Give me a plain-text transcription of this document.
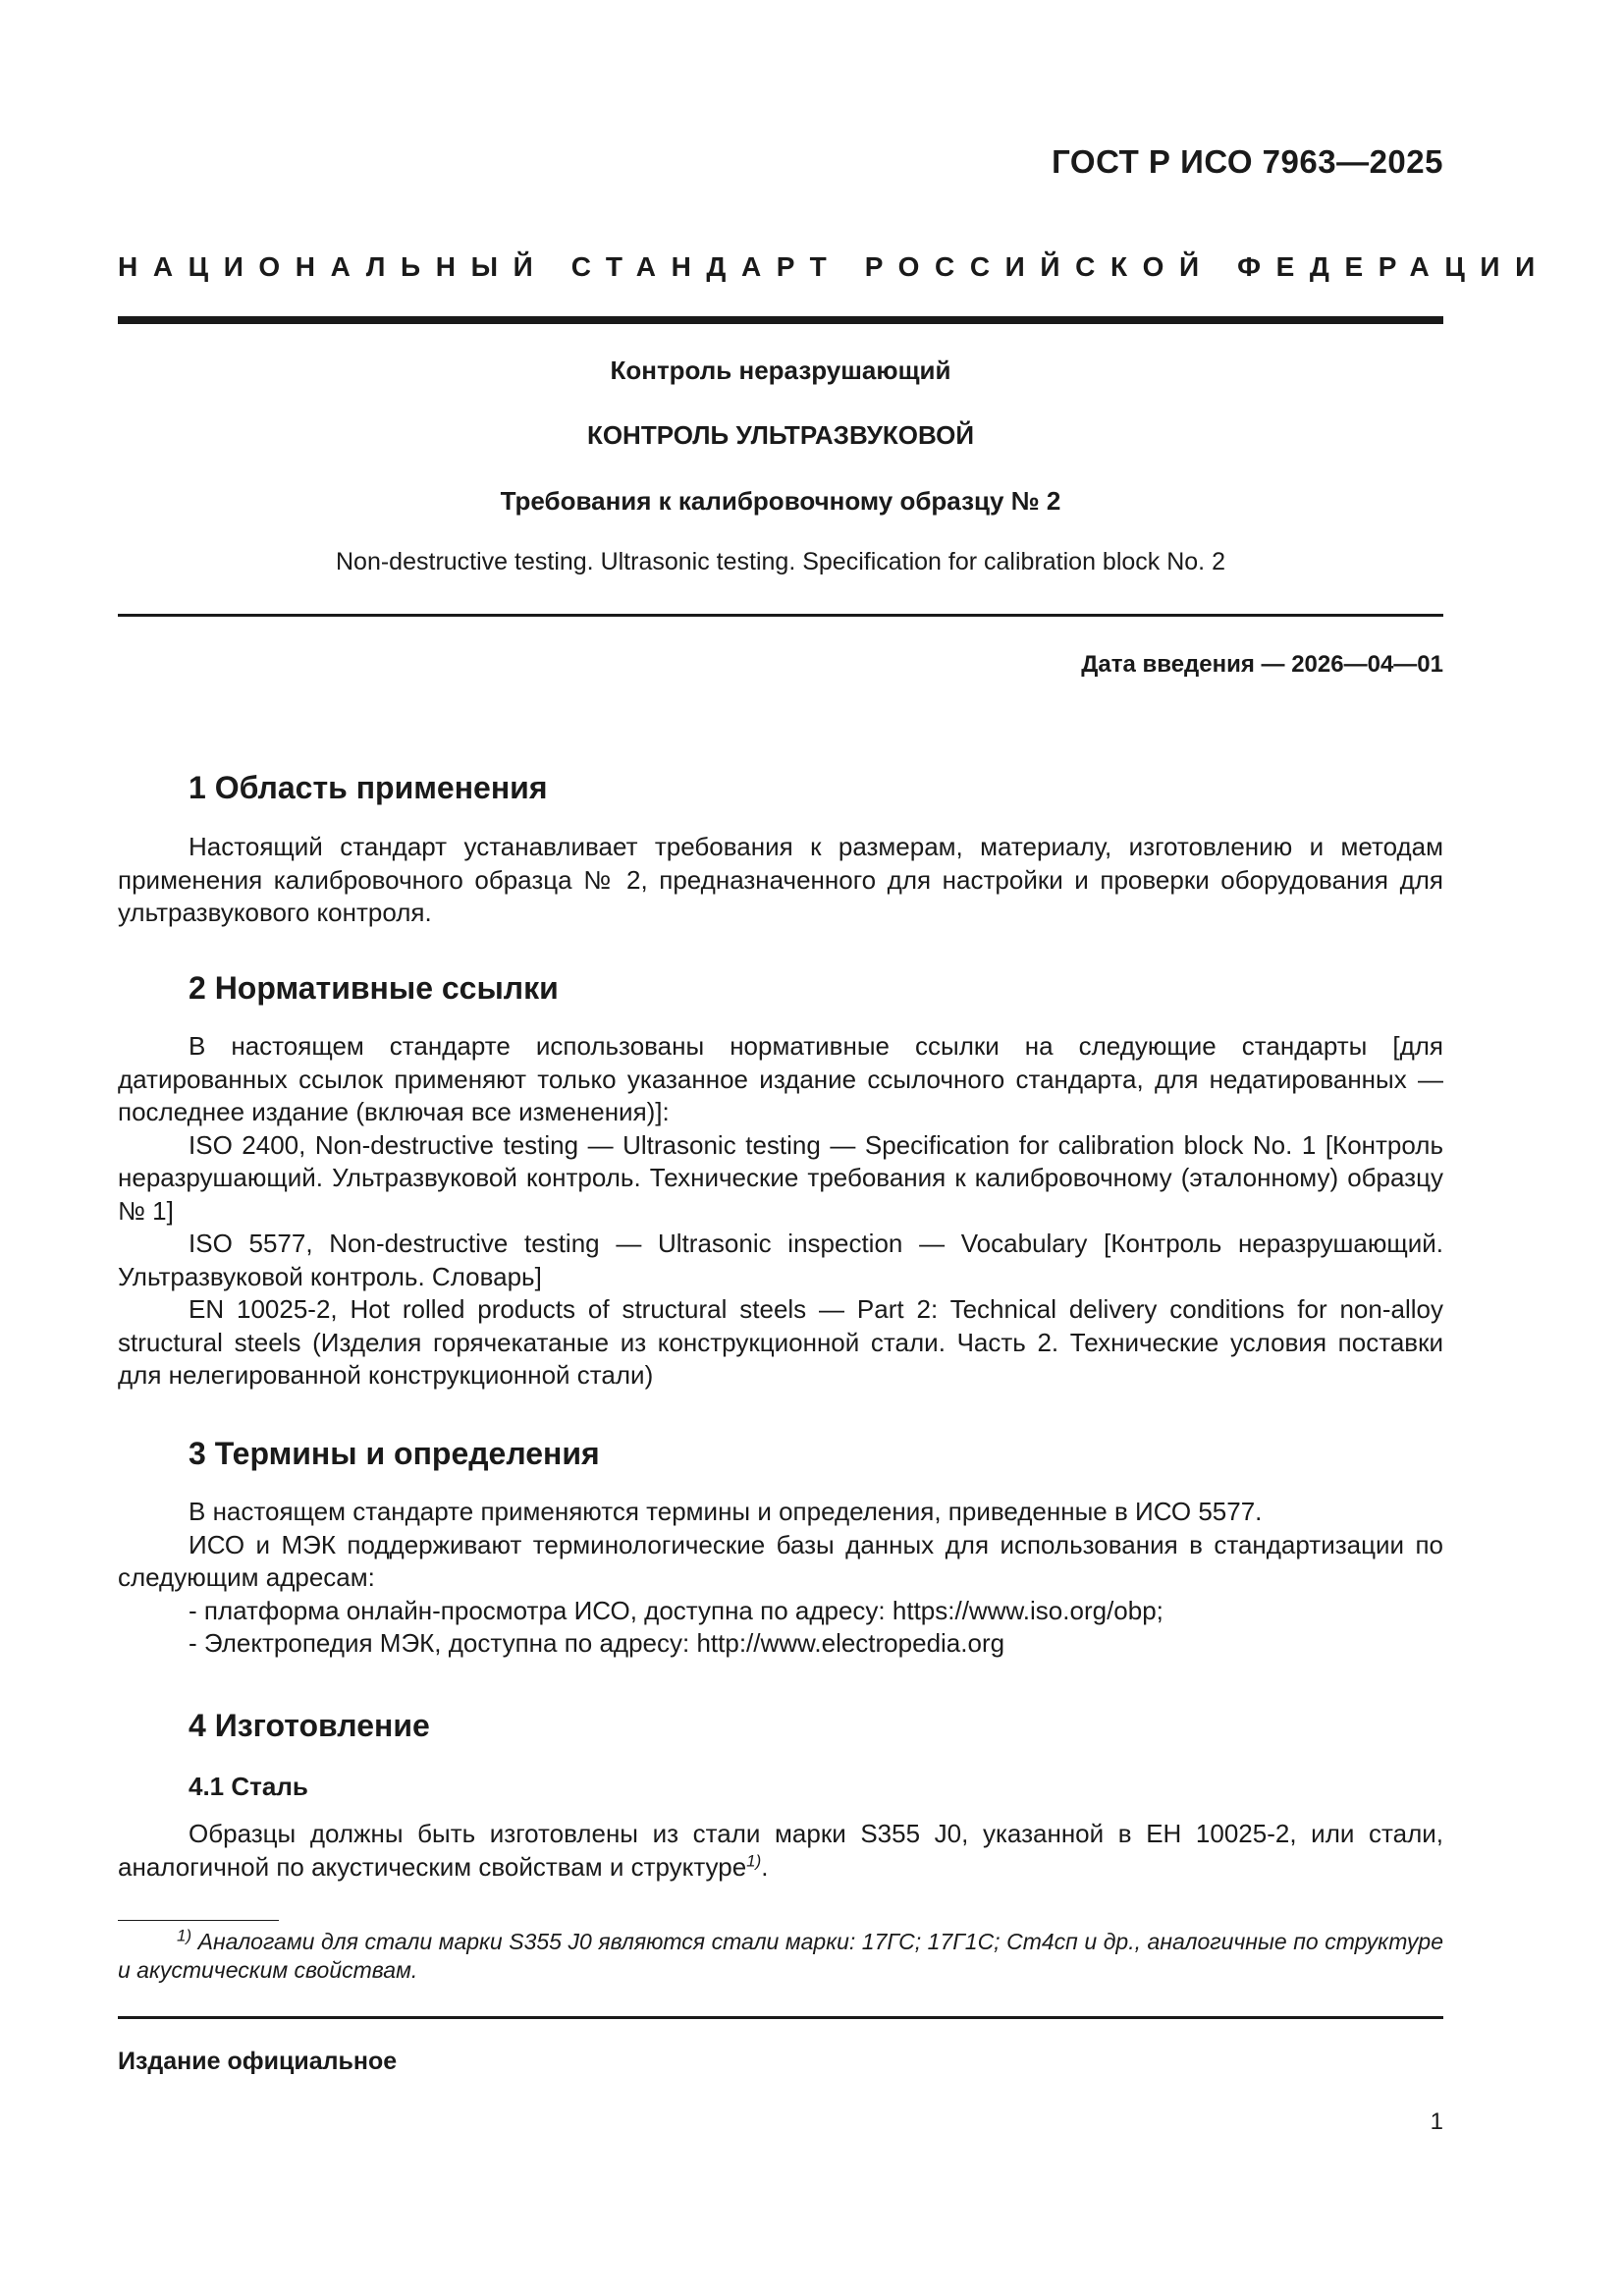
ГОСТ Р ИСО 7963—2025
НАЦИОНАЛЬНЫЙ СТАНДАРТ РОССИЙСКОЙ ФЕДЕРАЦИИ
Контроль неразрушающий
КОНТРОЛЬ УЛЬТРАЗВУКОВОЙ
Требования к калибровочному образцу № 2
Non-destructive testing. Ultrasonic testing. Specification for calibration block No. 2
Дата введения — 2026—04—01
1 Область применения

Настоящий стандарт устанавливает требования к размерам, материалу, изготовлению и методам применения калибровочного образца № 2, предназначенного для настройки и проверки оборудования для ультразвукового контроля.

2 Нормативные ссылки

В настоящем стандарте использованы нормативные ссылки на следующие стандарты [для датированных ссылок применяют только указанное издание ссылочного стандарта, для недатированных — последнее издание (включая все изменения)]:

ISO 2400, Non-destructive testing — Ultrasonic testing — Specification for calibration block No. 1 [Контроль неразрушающий. Ультразвуковой контроль. Технические требования к калибровочному (эталонному) образцу № 1]

ISO 5577, Non-destructive testing — Ultrasonic inspection — Vocabulary [Контроль неразрушающий. Ультразвуковой контроль. Словарь]

EN 10025-2, Hot rolled products of structural steels — Part 2: Technical delivery conditions for non-alloy structural steels (Изделия горячекатаные из конструкционной стали. Часть 2. Технические условия поставки для нелегированной конструкционной стали)

3 Термины и определения

В настоящем стандарте применяются термины и определения, приведенные в ИСО 5577.

ИСО и МЭК поддерживают терминологические базы данных для использования в стандартизации по следующим адресам:

- платформа онлайн-просмотра ИСО, доступна по адресу: https://www.iso.org/obp;

- Электропедия МЭК, доступна по адресу: http://www.electropedia.org

4 Изготовление
4.1 Сталь

Образцы должны быть изготовлены из стали марки S355 J0, указанной в ЕН 10025-2, или стали, аналогичной по акустическим свойствам и структуре$^{1)}$.

$^{1)}$ Аналогами для стали марки S355 J0 являются стали марки: 17ГС; 17Г1С; Ст4сп и др., аналогичные по структуре и акустическим свойствам.

Издание официальное
1
